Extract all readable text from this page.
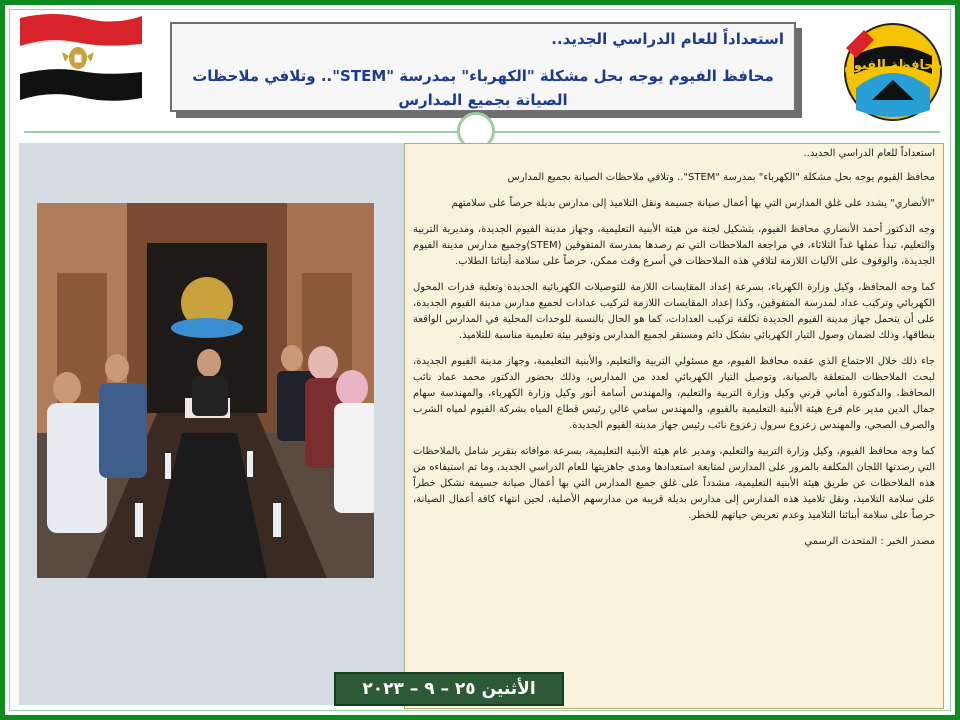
استعداداً للعام الدراسي الجديد..
محافظ الفيوم يوجه بحل مشكلة "الكهرباء" بمدرسة "STEM".. وتلافي ملاحظات الصيانة بجميع المدارس
محافظة الفيوم

استعداداً للعام الدراسي الجديد..

محافظ الفيوم يوجه بحل مشكلة "الكهرباء" بمدرسة "STEM".. وتلافي ملاحظات الصيانة بجميع المدارس

"الأنصاري" يشدد على غلق المدارس التي بها أعمال صيانة جسيمة ونقل التلاميذ إلى مدارس بديلة حرصاً على سلامتهم

وجه الدكتور أحمد الأنصاري محافظ الفيوم، بتشكيل لجنة من هيئة الأبنية التعليمية، وجهاز مدينة الفيوم الجديدة، ومديرية التربية والتعليم، تبدأ عملها غداً الثلاثاء، في مراجعة الملاحظات التي تم رصدها بمدرسة المتفوقين (STEM)وجميع مدارس مدينة الفيوم الجديدة، والوقوف على الآليات اللازمة لتلافي هذه الملاحظات في أسرع وقت ممكن، حرصاً على سلامة أبنائنا الطلاب.

كما وجه المحافظ، وكيل وزارة الكهرباء، بسرعة إعداد المقايسات اللازمة للتوصيلات الكهربائية الجديدة وتعلية قدرات المحول الكهربائي وتركيب عداد لمدرسة المتفوقين، وكذا إعداد المقايسات اللازمة لتركيب عدادات لجميع مدارس مدينة الفيوم الجديدة، على أن يتحمل جهاز مدينة الفيوم الجديدة تكلفة تركيب العدادات، كما هو الحال بالنسبة للوحدات المحلية في المدارس الواقعة بنطاقها، وذلك لضمان وصول التيار الكهربائي بشكل دائم ومستقر لجميع المدارس وتوفير بيئة تعليمية مناسبة للتلاميذ.

جاء ذلك خلال الاجتماع الذي عقده محافظ الفيوم، مع مسئولي التربية والتعليم، والأبنية التعليمية، وجهاز مدينة الفيوم الجديدة، لبحث الملاحظات المتعلقة بالصيانة، وتوصيل التيار الكهربائي لعدد من المدارس، وذلك بحضور الدكتور محمد عماد نائب المحافظ، والدكتورة أماني قرني وكيل وزارة التربية والتعليم، والمهندس أسامة أنور وكيل وزارة الكهرباء، والمهندسة سهام جمال الدين مدير عام فرع هيئة الأبنية التعليمية بالفيوم، والمهندس سامي غالي رئيس قطاع المياه بشركة الفيوم لمياه الشرب والصرف الصحي، والمهندس زعزوع سرول زعزوع نائب رئيس جهاز مدينة الفيوم الجديدة.

كما وجه محافظ الفيوم، وكيل وزارة التربية والتعليم، ومدير عام هيئة الأبنية التعليمية، بسرعة موافاته بتقرير شامل بالملاحظات التي رصدتها اللجان المكلفة بالمرور على المدارس لمتابعة استعدادها ومدى جاهزيتها للعام الدراسي الجديد، وما تم استيفاءه من هذه الملاحظات عن طريق هيئة الأبنية التعليمية، مشدداً على غلق جميع المدارس التي بها أعمال صيانة جسيمة تشكل خطراً على سلامة التلاميذ، ونقل تلاميذ هذه المدارس إلى مدارس بديلة قريبة من مدارسهم الأصلية، لحين انتهاء كافة أعمال الصيانة، حرصاً على سلامة أبنائنا التلاميذ وعدم تعريض حياتهم للخطر.

مصدر الخبر : المتحدث الرسمي

الأثنين ٢٥ – ٩ – ٢٠٢٣
